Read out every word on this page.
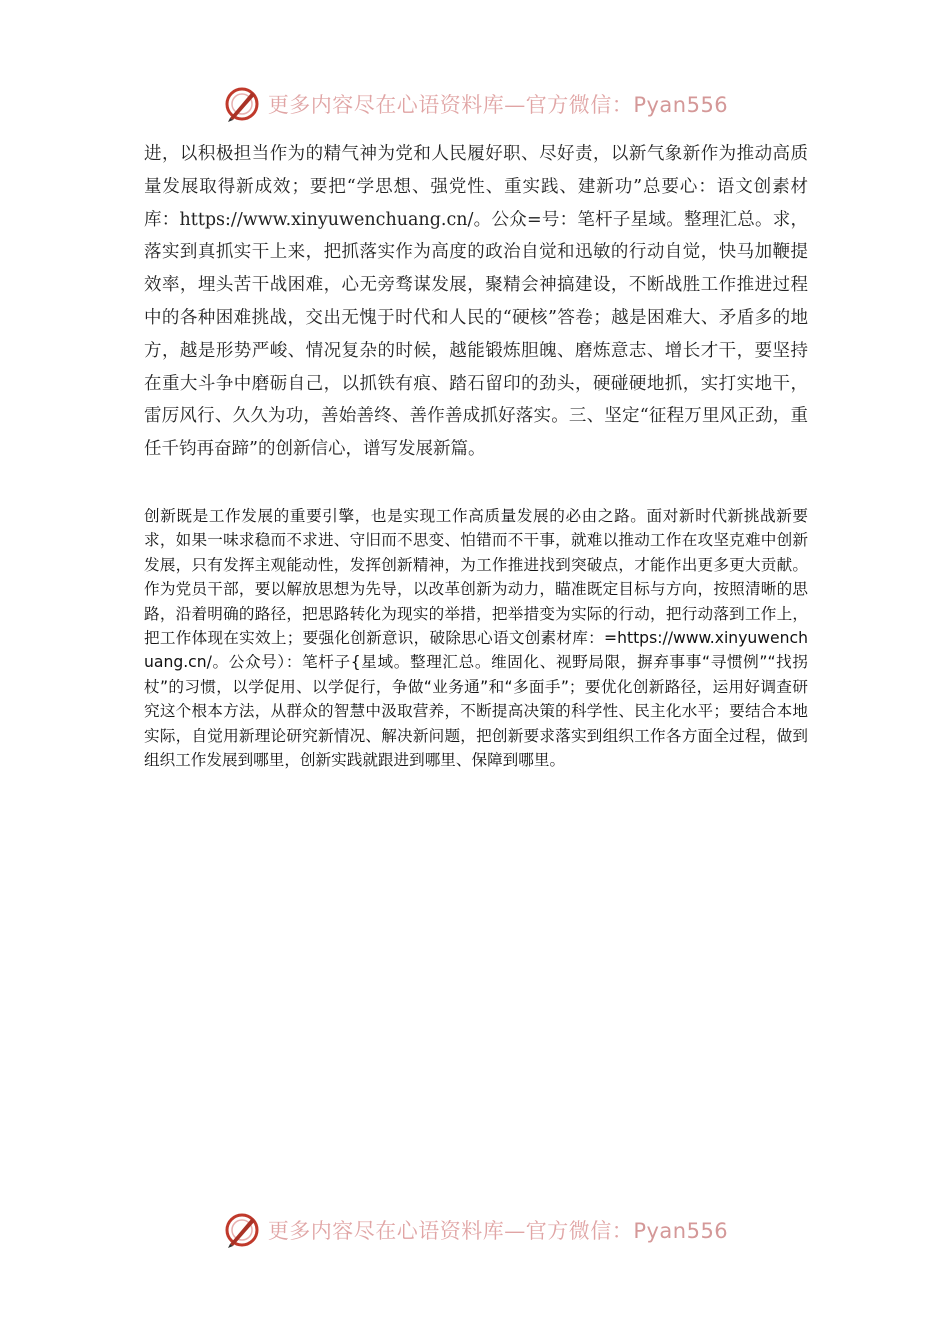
更多内容尽在心语资料库—官方微信：Pyan556

进，以积极担当作为的精气神为党和人民履好职、尽好责，以新气象新作为推动高质量发展取得新成效；要把“学思想、强党性、重实践、建新功”总要心：语文创素材库：https://www.xinyuwenchuang.cn/。公众=号：笔杆子星域。整理汇总。求，落实到真抓实干上来，把抓落实作为高度的政治自觉和迅敏的行动自觉，快马加鞭提效率，埋头苦干战困难，心无旁骛谋发展，聚精会神搞建设，不断战胜工作推进过程中的各种困难挑战，交出无愧于时代和人民的“硬核”答卷；越是困难大、矛盾多的地方，越是形势严峻、情况复杂的时候，越能锻炼胆魄、磨炼意志、增长才干，要坚持在重大斗争中磨砺自己，以抓铁有痕、踏石留印的劲头，硬碰硬地抓，实打实地干，雷厉风行、久久为功，善始善终、善作善成抓好落实。三、坚定“征程万里风正劲，重任千钧再奋蹄”的创新信心，谱写发展新篇。

创新既是工作发展的重要引擎，也是实现工作高质量发展的必由之路。面对新时代新挑战新要求，如果一味求稳而不求进、守旧而不思变、怕错而不干事，就难以推动工作在攻坚克难中创新发展，只有发挥主观能动性，发挥创新精神，为工作推进找到突破点，才能作出更多更大贡献。作为党员干部，要以解放思想为先导，以改革创新为动力，瞄准既定目标与方向，按照清晰的思路，沿着明确的路径，把思路转化为现实的举措，把举措变为实际的行动，把行动落到工作上，把工作体现在实效上；要强化创新意识，破除思心语文创素材库：=https://www.xinyuwenchuang.cn/。公众号）：笔杆子{星域。整理汇总。维固化、视野局限，摒弃事事“寻惯例”“找拐杖”的习惯，以学促用、以学促行，争做“业务通”和“多面手”；要优化创新路径，运用好调查研究这个根本方法，从群众的智慧中汲取营养，不断提高决策的科学性、民主化水平；要结合本地实际，自觉用新理论研究新情况、解决新问题，把创新要求落实到组织工作各方面全过程，做到组织工作发展到哪里，创新实践就跟进到哪里、保障到哪里。

更多内容尽在心语资料库—官方微信：Pyan556
